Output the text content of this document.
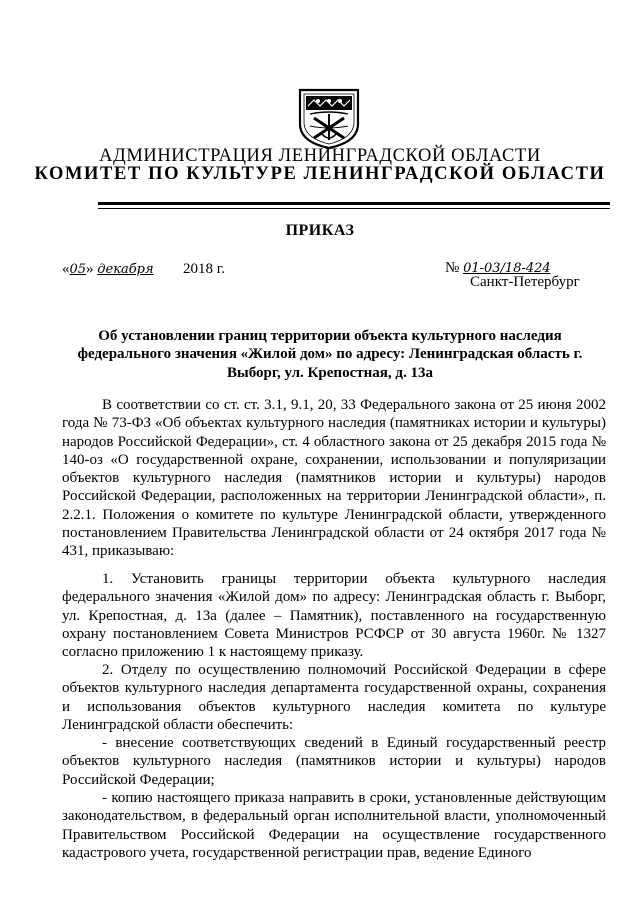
АДМИНИСТРАЦИЯ ЛЕНИНГРАДСКОЙ ОБЛАСТИ
КОМИТЕТ ПО КУЛЬТУРЕ ЛЕНИНГРАДСКОЙ ОБЛАСТИ
ПРИКАЗ
«05» декабря 2018 г.	№ 01-03/18-424
Санкт-Петербург
Об установлении границ территории объекта культурного наследия федерального значения «Жилой дом» по адресу: Ленинградская область г. Выборг, ул. Крепостная, д. 13а

В соответствии со ст. ст. 3.1, 9.1, 20, 33 Федерального закона от 25 июня 2002 года № 73-ФЗ «Об объектах культурного наследия (памятниках истории и культуры) народов Российской Федерации», ст. 4 областного закона от 25 декабря 2015 года № 140-оз «О государственной охране, сохранении, использовании и популяризации объектов культурного наследия (памятников истории и культуры) народов Российской Федерации, расположенных на территории Ленинградской области», п. 2.2.1. Положения о комитете по культуре Ленинградской области, утвержденного постановлением Правительства Ленинградской области от 24 октября 2017 года № 431, приказываю:

1. Установить границы территории объекта культурного наследия федерального значения «Жилой дом» по адресу: Ленинградская область г. Выборг, ул. Крепостная, д. 13а (далее – Памятник), поставленного на государственную охрану постановлением Совета Министров РСФСР от 30 августа 1960г. № 1327 согласно приложению 1 к настоящему приказу.

2. Отделу по осуществлению полномочий Российской Федерации в сфере объектов культурного наследия департамента государственной охраны, сохранения и использования объектов культурного наследия комитета по культуре Ленинградской области обеспечить:

- внесение соответствующих сведений в Единый государственный реестр объектов культурного наследия (памятников истории и культуры) народов Российской Федерации;

- копию настоящего приказа направить в сроки, установленные действующим законодательством, в федеральный орган исполнительной власти, уполномоченный Правительством Российской Федерации на осуществление государственного кадастрового учета, государственной регистрации прав, ведение Единого
